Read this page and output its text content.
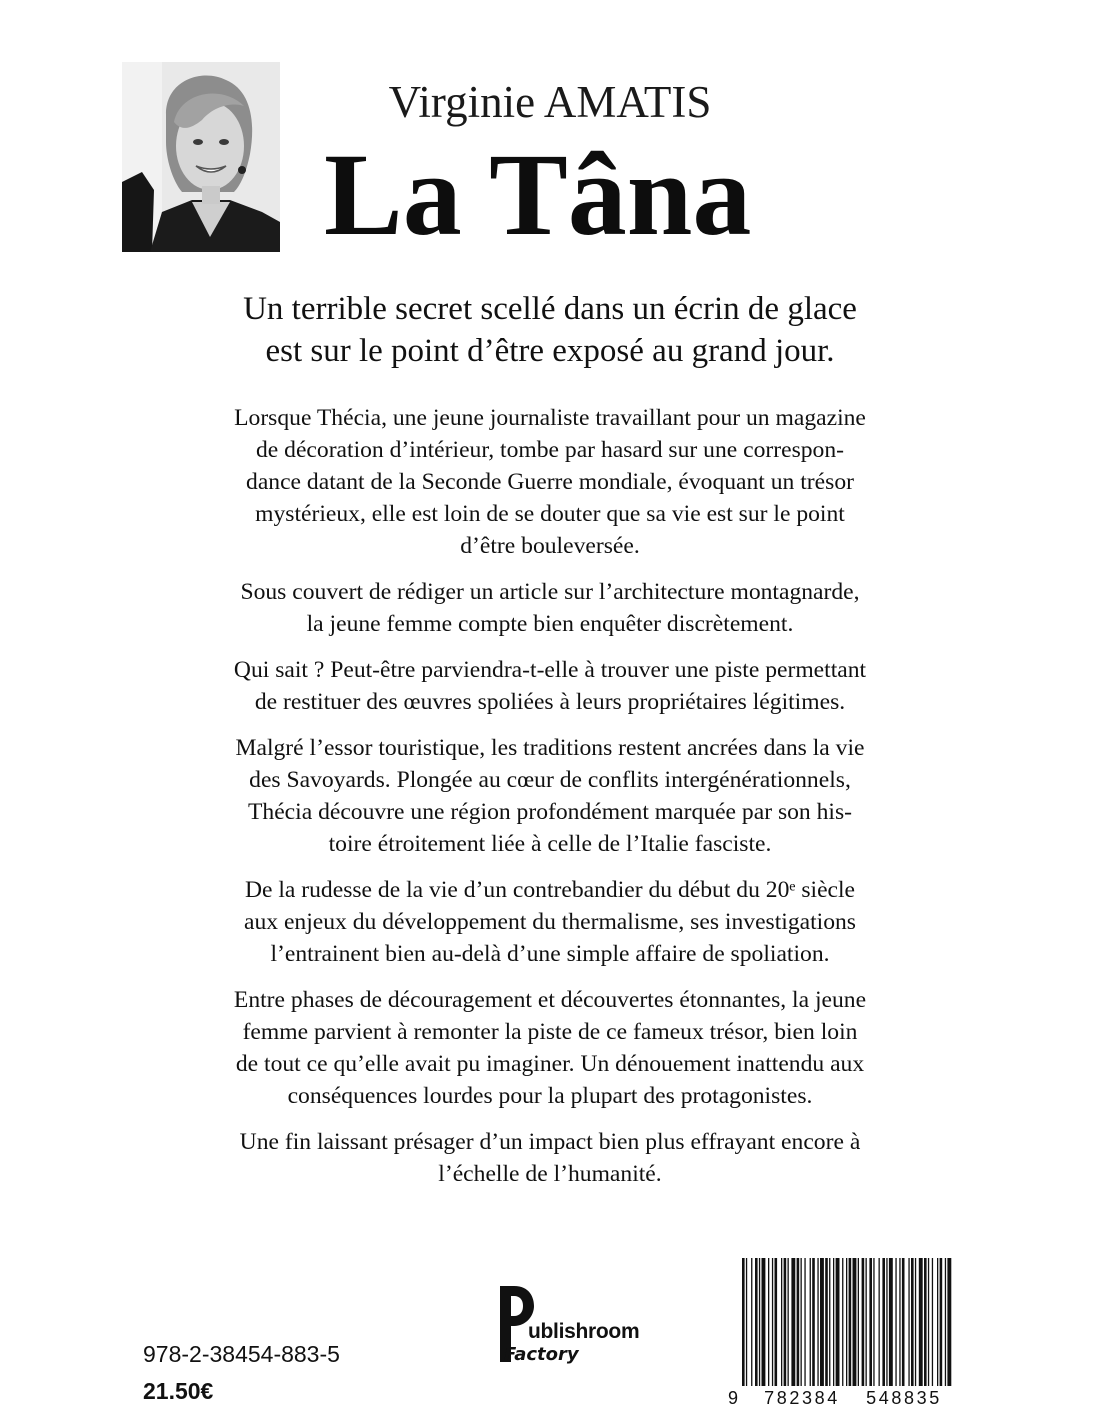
Virginie AMATIS
La Tâna
Un terrible secret scellé dans un écrin de glace
est sur le point d’être exposé au grand jour.

Lorsque Thécia, une jeune journaliste travaillant pour un magazine
de décoration d’intérieur, tombe par hasard sur une correspon-
dance datant de la Seconde Guerre mondiale, évoquant un trésor
mystérieux, elle est loin de se douter que sa vie est sur le point
d’être bouleversée.

Sous couvert de rédiger un article sur l’architecture montagnarde,
la jeune femme compte bien enquêter discrètement.

Qui sait ? Peut-être parviendra-t-elle à trouver une piste permettant
de restituer des œuvres spoliées à leurs propriétaires légitimes.

Malgré l’essor touristique, les traditions restent ancrées dans la vie
des Savoyards. Plongée au cœur de conflits intergénérationnels,
Thécia découvre une région profondément marquée par son his-
toire étroitement liée à celle de l’Italie fasciste.

De la rudesse de la vie d’un contrebandier du début du 20ᵉ siècle
aux enjeux du développement du thermalisme, ses investigations
l’entrainent bien au-delà d’une simple affaire de spoliation.

Entre phases de découragement et découvertes étonnantes, la jeune
femme parvient à remonter la piste de ce fameux trésor, bien loin
de tout ce qu’elle avait pu imaginer. Un dénouement inattendu aux
conséquences lourdes pour la plupart des protagonistes.

Une fin laissant présager d’un impact bien plus effrayant encore à
l’échelle de l’humanité.

978-2-38454-883-5
21.50€
ublishroom
Factory
9	782384	548835
